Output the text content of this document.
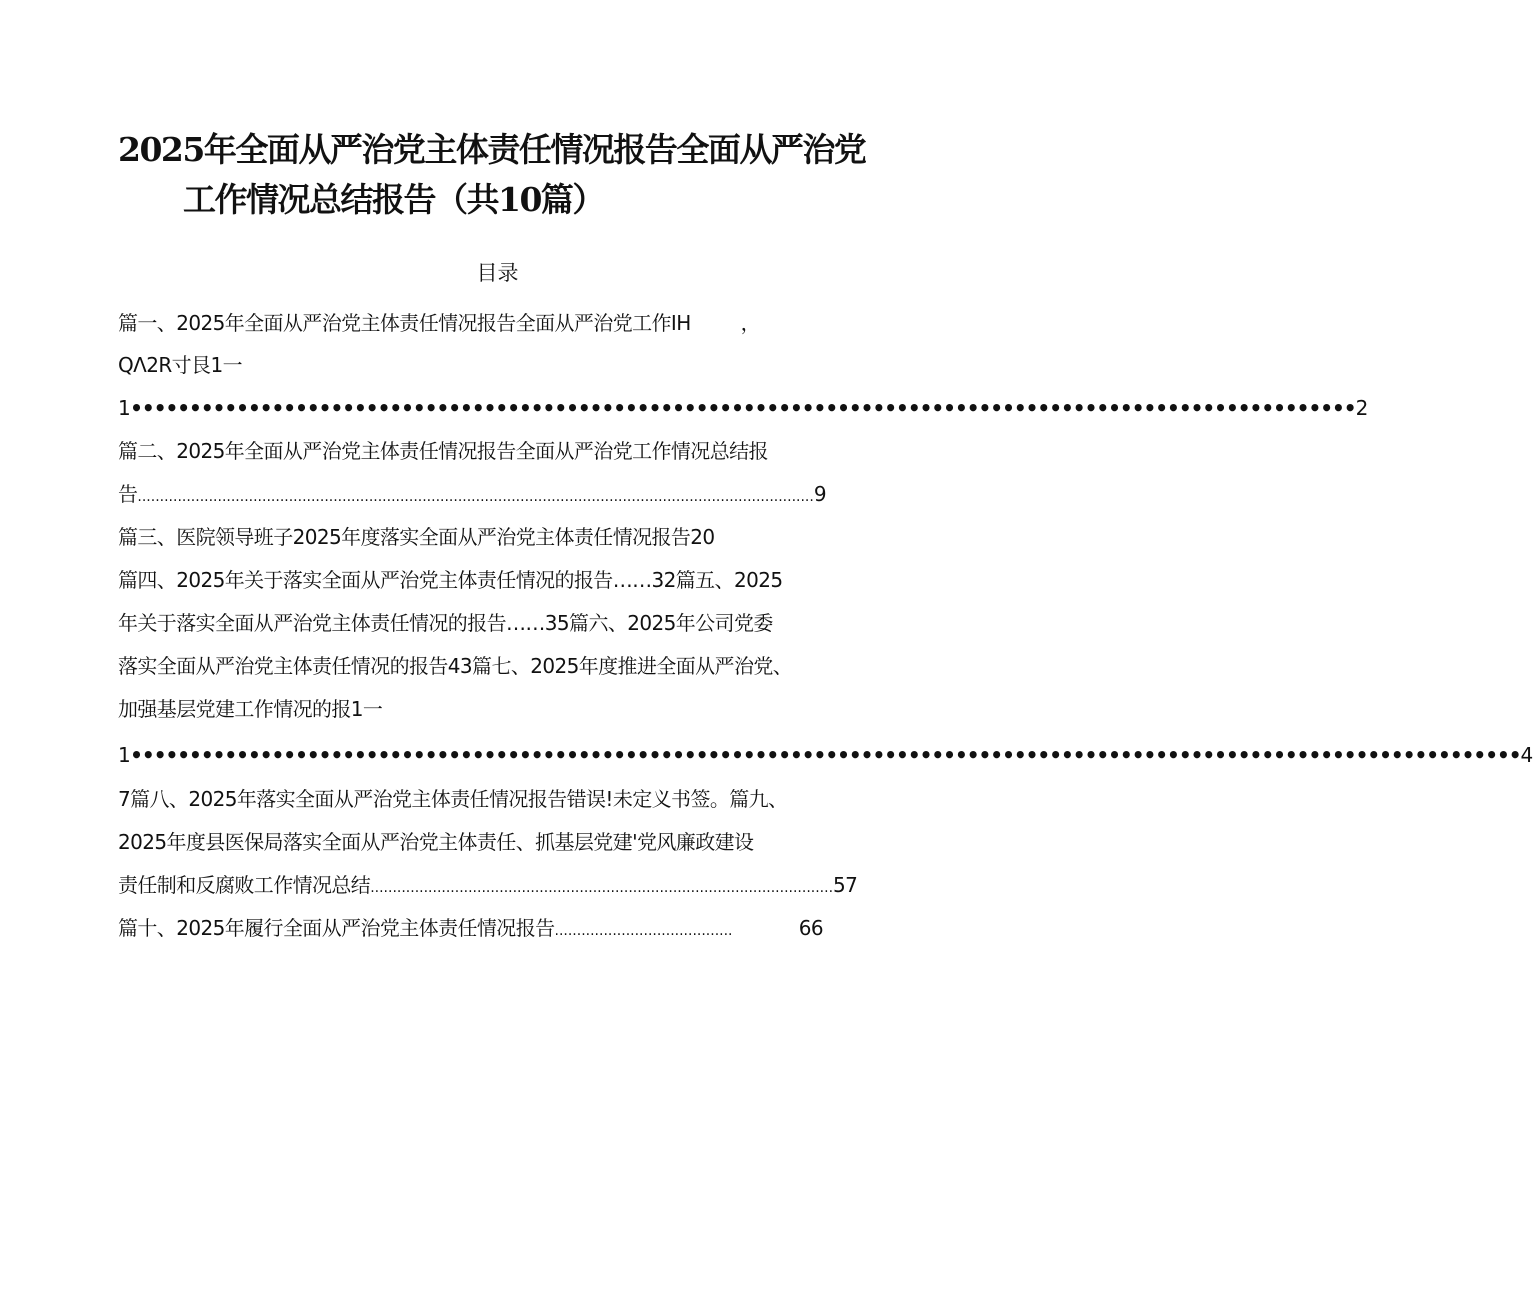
2025年全面从严治党主体责任情况报告全面从严治党
工作情况总结报告（共10篇）
目录
篇一、2025年全面从严治党主体责任情况报告全面从严治党工作IH	，
QΛ2R寸艮1一
1 •••••••••••••••••••••••••••••••••••••••••••••••••••••••••••••••••••••••••••••••••••••••••••••••••••••••• 2
篇二、2025年全面从严治党主体责任情况报告全面从严治党工作情况总结报
告 ........................................................................................................................................................ 9
篇三、医院领导班子2025年度落实全面从严治党主体责任情况报告20
篇四、2025年关于落实全面从严治党主体责任情况的报告……32篇五、2025
年关于落实全面从严治党主体责任情况的报告……35篇六、2025年公司党委
落实全面从严治党主体责任情况的报告43篇七、2025年度推进全面从严治党、
加强基层党建工作情况的报1一
1 •••••••••••••••••••••••••••••••••••••••••••••••••••••••••••••••••••••••••••••••••••••••••••••••••••••••••••••••••••••• 4
7篇八、2025年落实全面从严治党主体责任情况报告错误!未定义书签。篇九、
2025年度县医保局落实全面从严治党主体责任、抓基层党建'党风廉政建设
责任制和反腐败工作情况总结 ........................................................................................................ 57
篇十、2025年履行全面从严治党主体责任情况报告 ........................................	66
